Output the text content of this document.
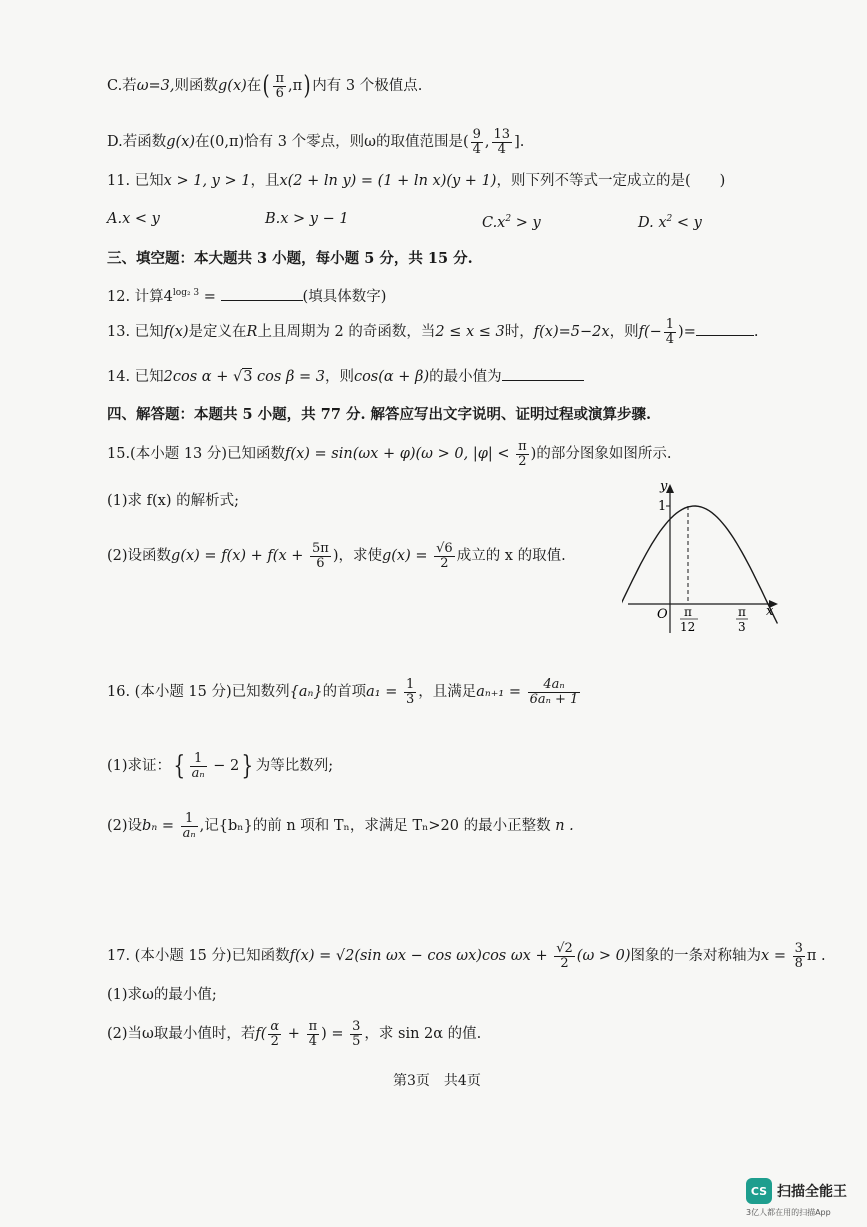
C.若ω=3,则函数g(x)在( $\frac{\pi}{6} ,\pi$) 内有 3 个极值点.
D.若函数g(x)在(0,π)恰有 3 个零点，则ω的取值范围是( $\frac{9}{4}$ , $\frac{13}{4}$ ].
11. 已知x > 1, y > 1，且x(2 + ln y) = (1 + ln x)(y + 1)，则下列不等式一定成立的是(　　)
A.x < y	B.x > y − 1	$C.x^2 > y$	D. $x^2 < y$
三、填空题：本大题共 3 小题，每小题 5 分，共 15 分.
12. 计算$4^{log_2 3}$ =	(填具体数字)
13. 已知f(x)是定义在R上且周期为 2 的奇函数，当2 ≤ x ≤ 3时，f(x)=5−2x，则$f(- \frac{1}{4}$ )=	.
14. 已知2cos α + √3 cos β = 3，则cos(α + β)的最小值为
四、解答题：本题共 5 小题，共 77 分. 解答应写出文字说明、证明过程或演算步骤.
15.(本小题 13 分)已知函数f(x) = sin(ωx + φ)(ω > 0, $|\varphi| < \frac{\pi}{2}$ )的部分图象如图所示.
(1)求 f(x) 的解析式;
(2)设函数$g(x) = f(x) + f(x + \frac{5\pi}{6}$ )，求使$g(x) = \frac{√6}{2}$ 成立的 x 的取值.
y
x
O
1
π
12
π
3
16. (本小题 15 分)已知数列{aₙ}的首项$a_1 = \frac{1}{3}$ ，且满足$a_{n+1} = \frac{\text{4aₙ}}{\text{6aₙ + 1}}$
(1)求证：{ $\frac{1}{\text{aₙ}} - 2$} 为等比数列;
(2)设$b_n = \frac{1}{\text{aₙ}}$ ,记{bₙ}的前 n 项和 Tₙ，求满足 Tₙ>20 的最小正整数 n .
17. (本小题 15 分)已知函数f(x) = √2(sin ωx − cos ωx)cos $\omega x + \frac{√2}{2} (\omega > 0)$图象的一条对称轴为$x = \frac{3}{8}$ π .
(1)求ω的最小值;
(2)当ω取最小值时，若$f( \frac{\alpha}{2} + \frac{\pi}{4}$ ) = $\frac{3}{5}$ ，求 sin 2α 的值.
第3页　共4页
CS 扫描全能王
3亿人都在用的扫描App
